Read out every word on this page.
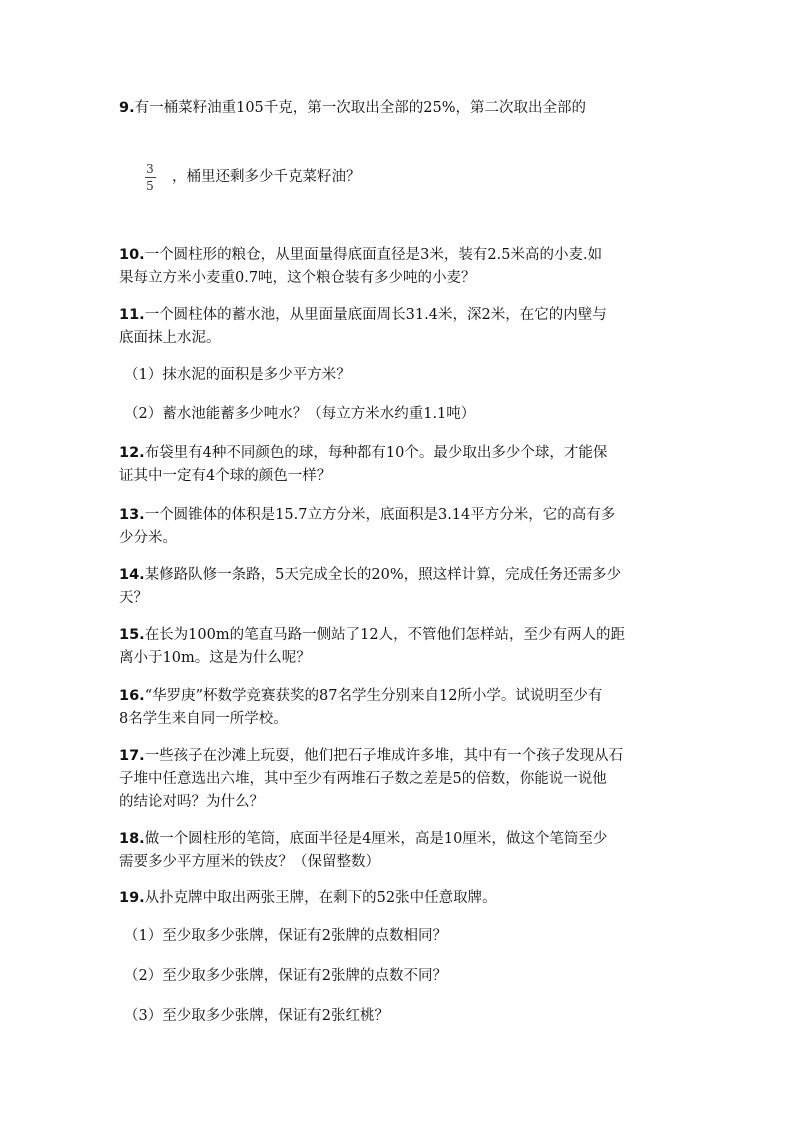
9.有一桶菜籽油重105千克，第一次取出全部的25%，第二次取出全部的
3
5
，桶里还剩多少千克菜籽油？
10.一个圆柱形的粮仓，从里面量得底面直径是3米，装有2.5米高的小麦.如
果每立方米小麦重0.7吨，这个粮仓装有多少吨的小麦？
11.一个圆柱体的蓄水池，从里面量底面周长31.4米，深2米，在它的内壁与
底面抹上水泥。
（1）抹水泥的面积是多少平方米？
（2）蓄水池能蓄多少吨水？（每立方米水约重1.1吨）
12.布袋里有4种不同颜色的球，每种都有10个。最少取出多少个球，才能保
证其中一定有4个球的颜色一样？
13.一个圆锥体的体积是15.7立方分米，底面积是3.14平方分米，它的高有多
少分米。
14.某修路队修一条路，5天完成全长的20%，照这样计算，完成任务还需多少
天？
15.在长为100m的笔直马路一侧站了12人，不管他们怎样站，至少有两人的距
离小于10m。这是为什么呢？
16.“华罗庚”杯数学竞赛获奖的87名学生分别来自12所小学。试说明至少有
8名学生来自同一所学校。
17.一些孩子在沙滩上玩耍，他们把石子堆成许多堆，其中有一个孩子发现从石
子堆中任意选出六堆，其中至少有两堆石子数之差是5的倍数，你能说一说他
的结论对吗？为什么？
18.做一个圆柱形的笔筒，底面半径是4厘米，高是10厘米，做这个笔筒至少
需要多少平方厘米的铁皮？（保留整数）
19.从扑克牌中取出两张王牌，在剩下的52张中任意取牌。
（1）至少取多少张牌，保证有2张牌的点数相同？
（2）至少取多少张牌，保证有2张牌的点数不同？
（3）至少取多少张牌，保证有2张红桃？
